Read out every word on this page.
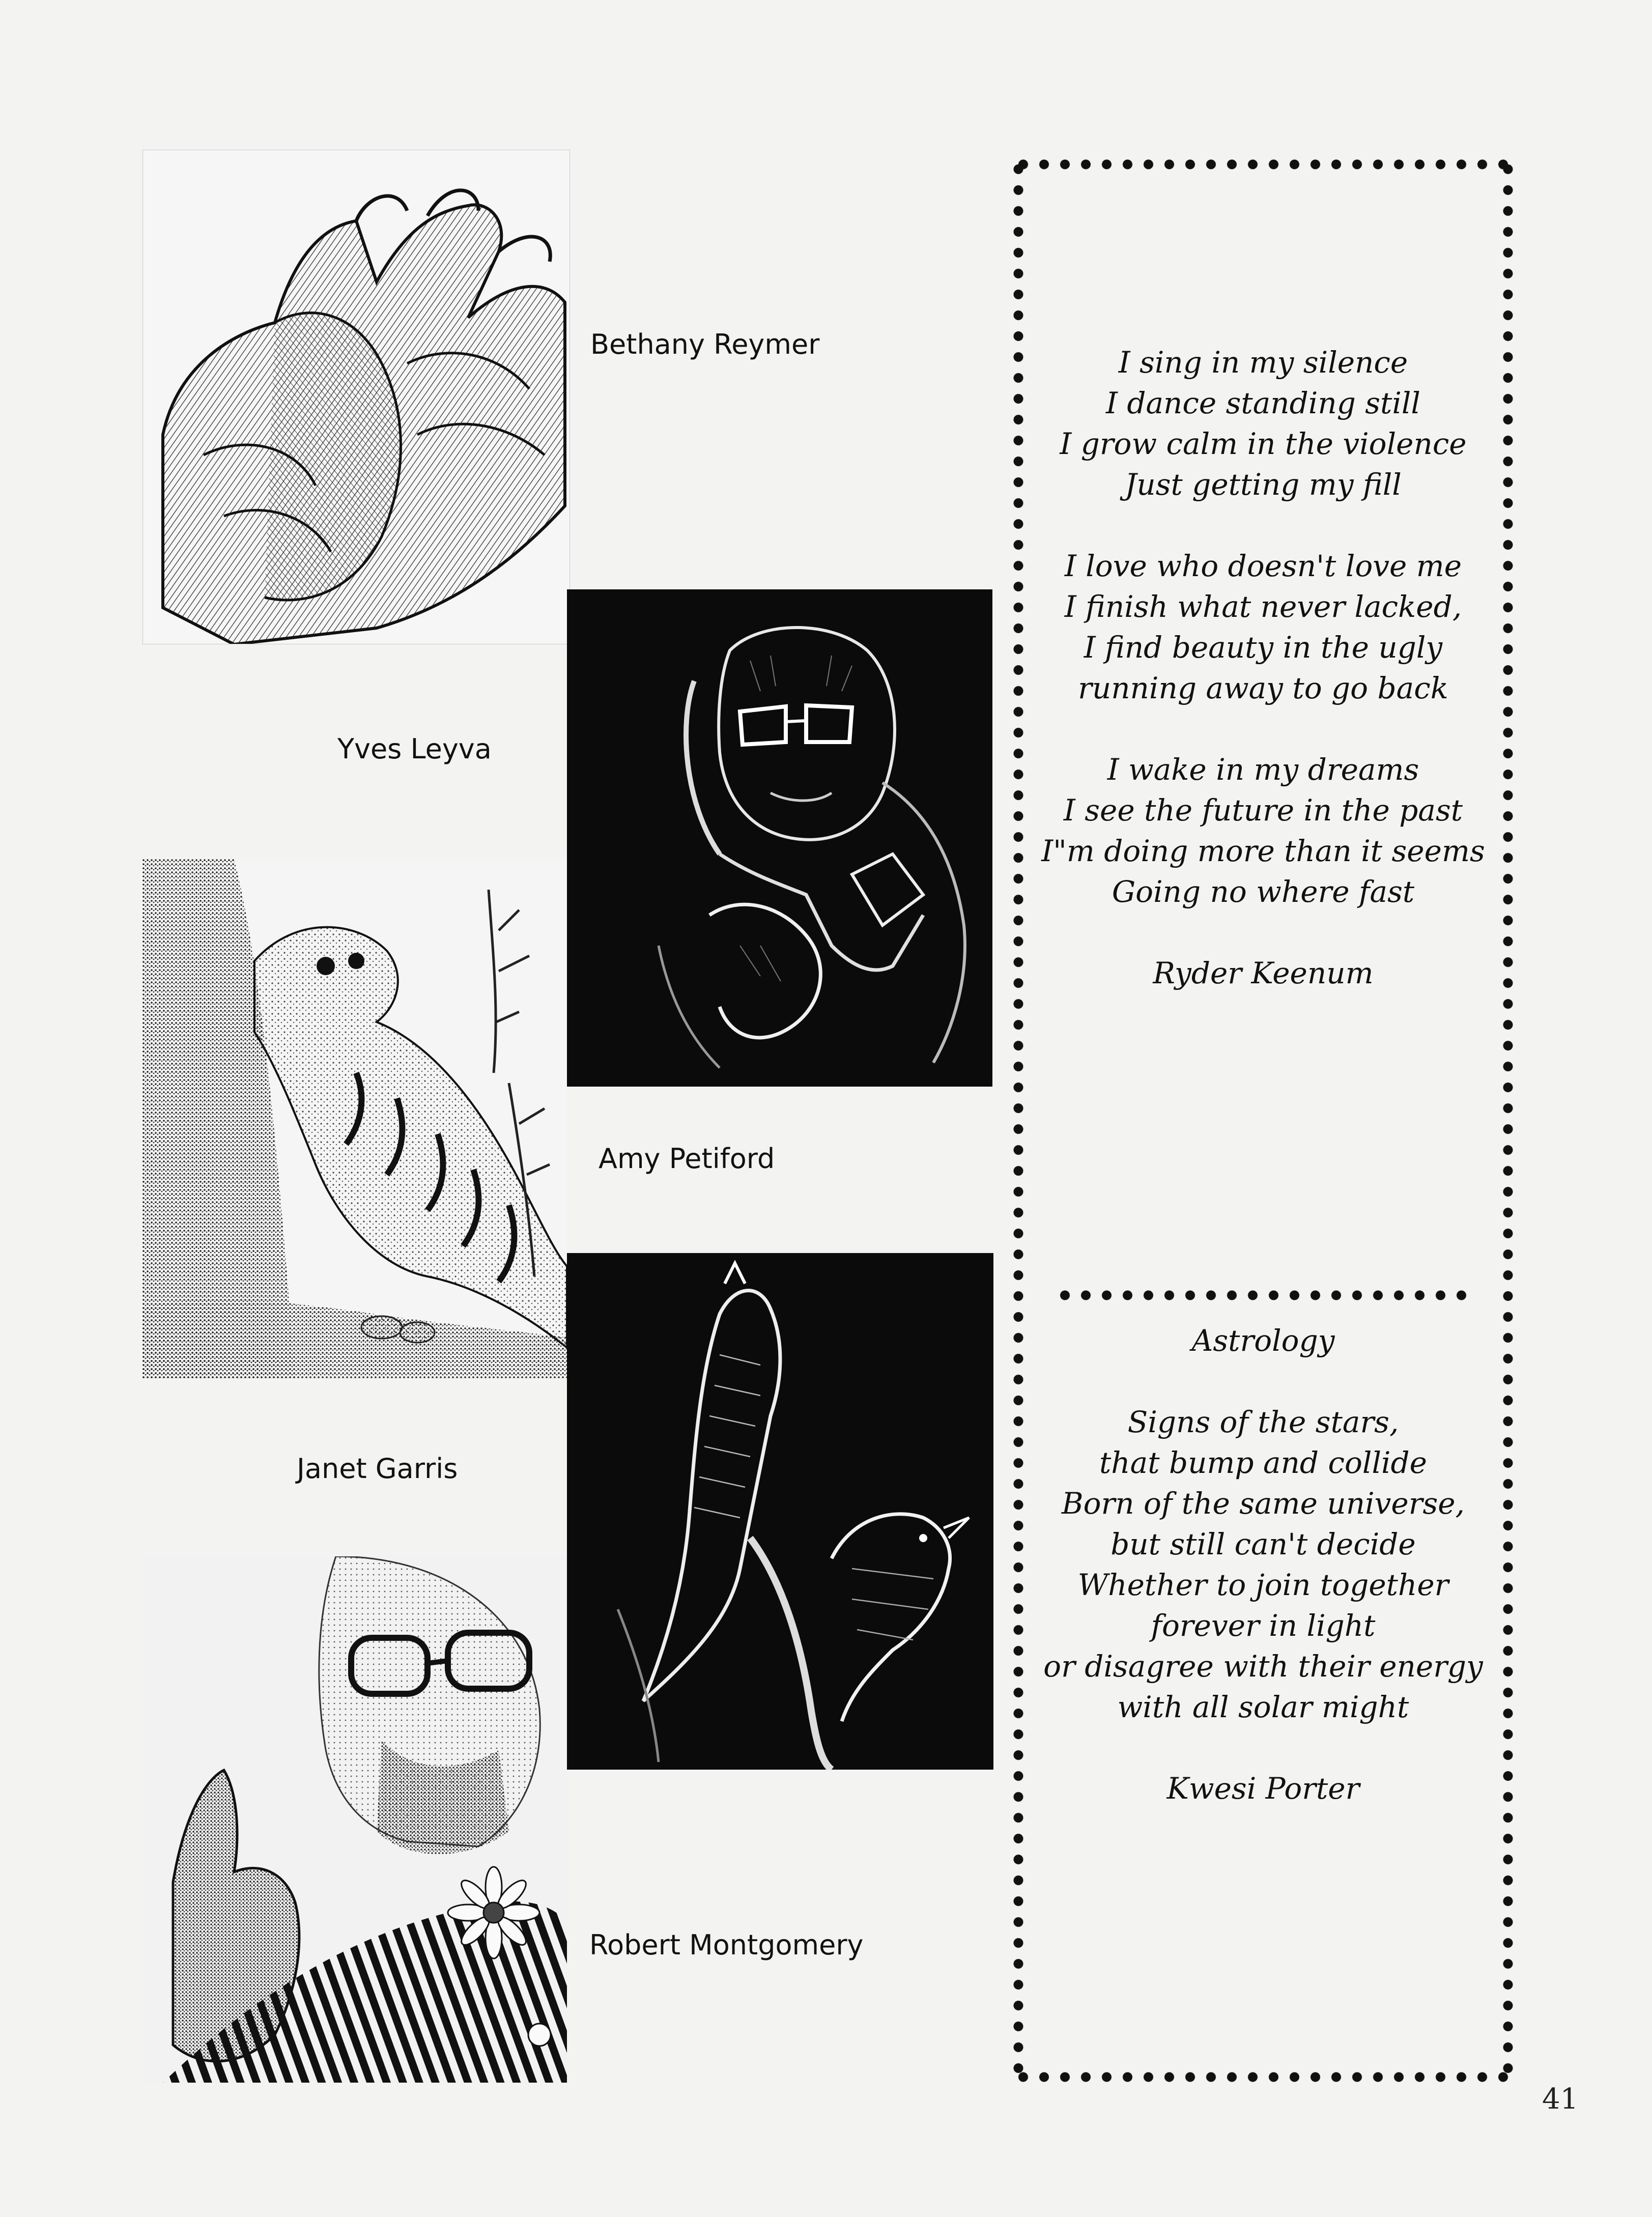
Bethany Reymer
Yves Leyva
Amy Petiford
Janet Garris
Robert Montgomery
I sing in my silence
I dance standing still
I grow calm in the violence
Just getting my fill
I love who doesn't love me
I finish what never lacked,
I find beauty in the ugly
running away to go back
I wake in my dreams
I see the future in the past
I"m doing more than it seems
Going no where fast
Ryder Keenum
Astrology
Signs of the stars,
that bump and collide
Born of the same universe,
but still can't decide
Whether to join together
forever in light
or disagree with their energy
with all solar might
Kwesi Porter
41
